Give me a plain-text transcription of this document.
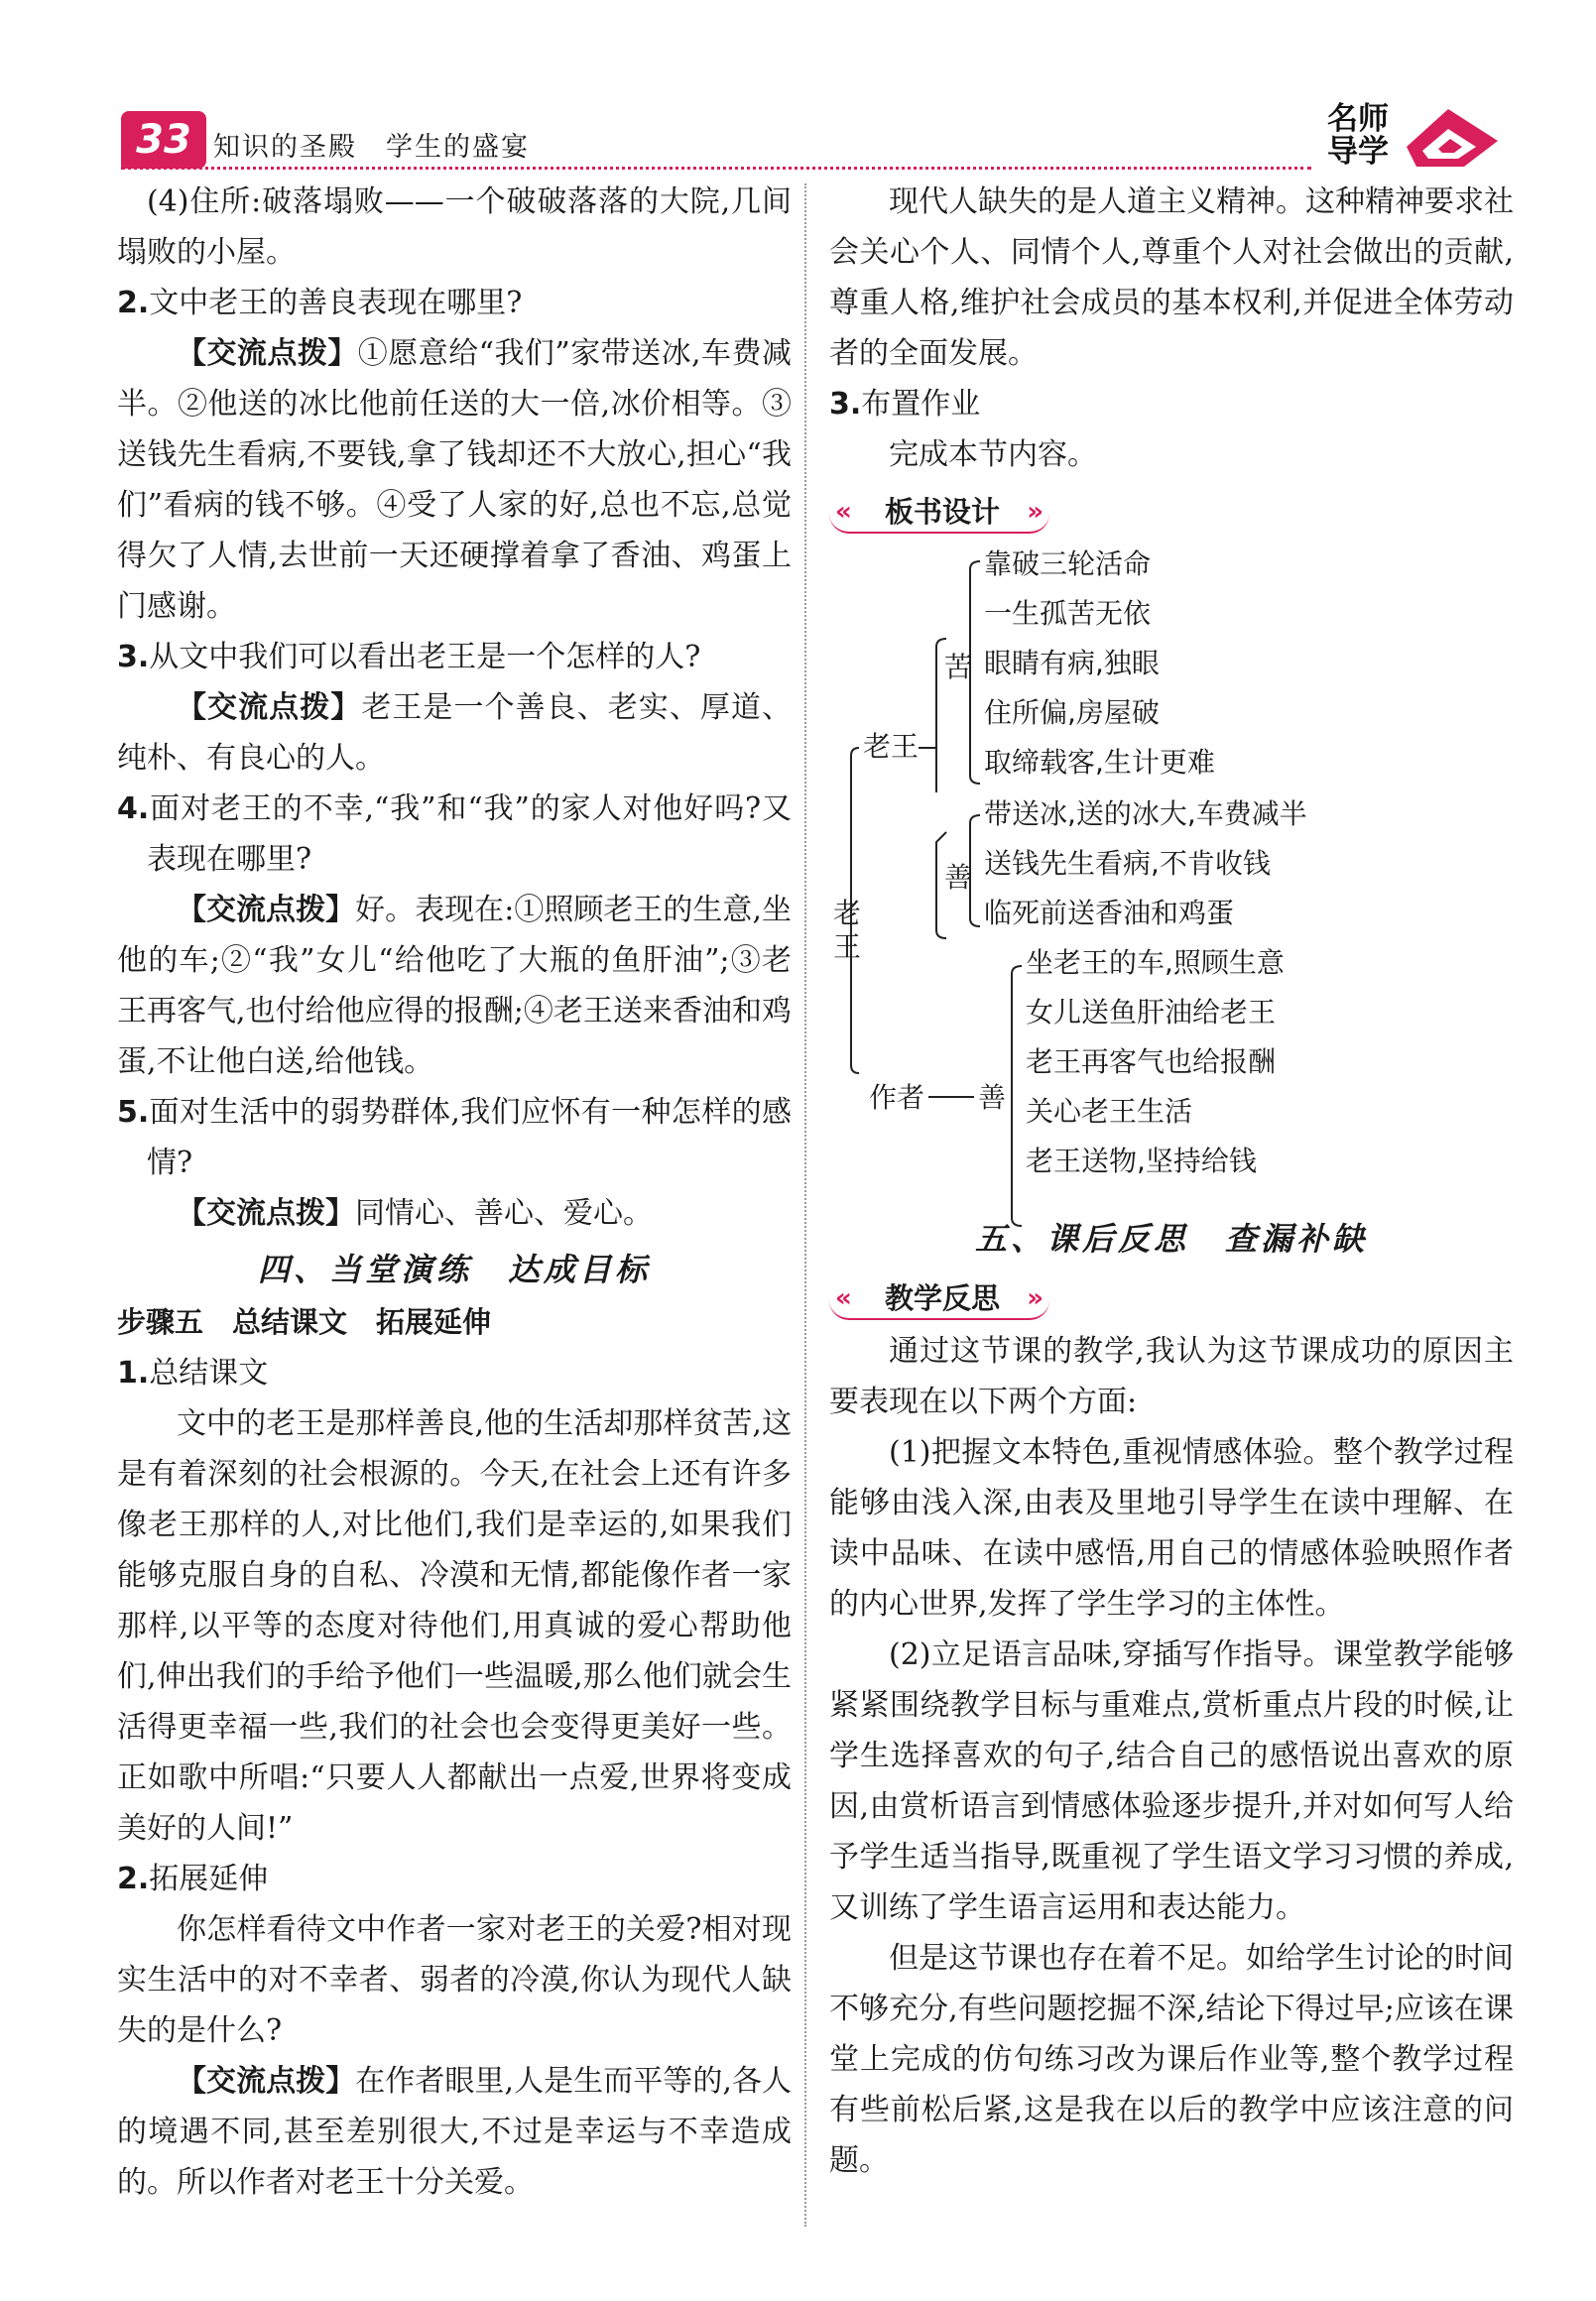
33 知识的圣殿　学生的盛宴
名师导学

(4)住所:破落塌败——一个破破落落的大院,几间塌败的小屋。

2.文中老王的善良表现在哪里?

【交流点拨】①愿意给“我们”家带送冰,车费减半。②他送的冰比他前任送的大一倍,冰价相等。③送钱先生看病,不要钱,拿了钱却还不大放心,担心“我们”看病的钱不够。④受了人家的好,总也不忘,总觉得欠了人情,去世前一天还硬撑着拿了香油、鸡蛋上门感谢。

3.从文中我们可以看出老王是一个怎样的人?

【交流点拨】老王是一个善良、老实、厚道、纯朴、有良心的人。

4.面对老王的不幸,“我”和“我”的家人对他好吗?又表现在哪里?

【交流点拨】好。表现在:①照顾老王的生意,坐他的车;②“我”女儿“给他吃了大瓶的鱼肝油”;③老王再客气,也付给他应得的报酬;④老王送来香油和鸡蛋,不让他白送,给他钱。

5.面对生活中的弱势群体,我们应怀有一种怎样的感情?

【交流点拨】同情心、善心、爱心。

四、当堂演练　达成目标
步骤五　总结课文　拓展延伸

1.总结课文

文中的老王是那样善良,他的生活却那样贫苦,这是有着深刻的社会根源的。今天,在社会上还有许多像老王那样的人,对比他们,我们是幸运的,如果我们能够克服自身的自私、冷漠和无情,都能像作者一家那样,以平等的态度对待他们,用真诚的爱心帮助他们,伸出我们的手给予他们一些温暖,那么他们就会生活得更幸福一些,我们的社会也会变得更美好一些。正如歌中所唱:“只要人人都献出一点爱,世界将变成美好的人间!”

2.拓展延伸

你怎样看待文中作者一家对老王的关爱?相对现实生活中的对不幸者、弱者的冷漠,你认为现代人缺失的是什么?

【交流点拨】在作者眼里,人是生而平等的,各人的境遇不同,甚至差别很大,不过是幸运与不幸造成的。所以作者对老王十分关爱。

现代人缺失的是人道主义精神。这种精神要求社会关心个人、同情个人,尊重个人对社会做出的贡献,尊重人格,维护社会成员的基本权利,并促进全体劳动者的全面发展。

3.布置作业

完成本节内容。

« 板书设计 »
老王
老王
苦
善
靠破三轮活命
一生孤苦无依
眼睛有病,独眼
住所偏,房屋破
取缔载客,生计更难
带送冰,送的冰大,车费减半
送钱先生看病,不肯收钱
临死前送香油和鸡蛋
作者 善
坐老王的车,照顾生意
女儿送鱼肝油给老王
老王再客气也给报酬
关心老王生活
老王送物,坚持给钱
五、课后反思　查漏补缺
« 教学反思 »

通过这节课的教学,我认为这节课成功的原因主要表现在以下两个方面:

(1)把握文本特色,重视情感体验。整个教学过程能够由浅入深,由表及里地引导学生在读中理解、在读中品味、在读中感悟,用自己的情感体验映照作者的内心世界,发挥了学生学习的主体性。

(2)立足语言品味,穿插写作指导。课堂教学能够紧紧围绕教学目标与重难点,赏析重点片段的时候,让学生选择喜欢的句子,结合自己的感悟说出喜欢的原因,由赏析语言到情感体验逐步提升,并对如何写人给予学生适当指导,既重视了学生语文学习习惯的养成,又训练了学生语言运用和表达能力。

但是这节课也存在着不足。如给学生讨论的时间不够充分,有些问题挖掘不深,结论下得过早;应该在课堂上完成的仿句练习改为课后作业等,整个教学过程有些前松后紧,这是我在以后的教学中应该注意的问题。
